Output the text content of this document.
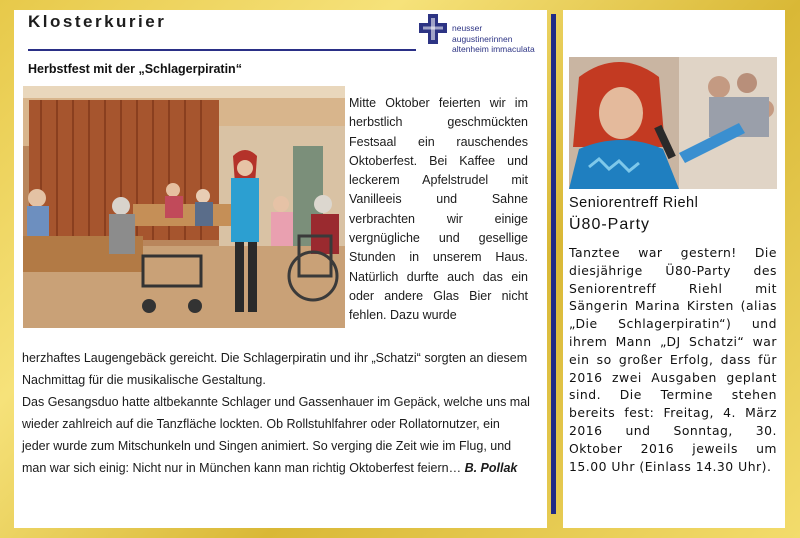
Klosterkurier	neusser
augustinerinnen
altenheim immaculata
Herbstfest mit der „Schlagerpiratin“

Mitte Oktober feierten wir im herbstlich geschmückten Festsaal ein rauschendes Oktoberfest. Bei Kaffee und leckerem Apfelstrudel mit Vanilleeis und Sahne verbrachten wir einige vergnügliche und gesellige Stunden in unserem Haus. Natürlich durfte auch das ein oder andere Glas Bier nicht fehlen. Dazu wurde

herzhaftes Laugengebäck gereicht. Die Schlagerpiratin und ihr „Schatzi“ sorgten an diesem Nachmittag für die musikalische Gestaltung.

Das Gesangsduo hatte altbekannte Schlager und Gassenhauer im Gepäck, welche uns mal wieder zahlreich auf die Tanzfläche lockten. Ob Rollstuhlfahrer oder Rollatornutzer, ein jeder wurde zum Mitschunkeln und Singen animiert. So verging die Zeit wie im Flug, und man war sich einig: Nicht nur in München kann man richtig Oktoberfest feiern… B. Pollak

Seniorentreff Riehl
Ü80-Party

Tanztee war gestern! Die diesjährige Ü80-Party des Seniorentreff Riehl mit Sängerin Marina Kirsten (alias „Die Schlagerpiratin“) und ihrem Mann „DJ Schatzi“ war ein so großer Erfolg, dass für 2016 zwei Ausgaben geplant sind. Die Termine stehen bereits fest: Freitag, 4. März 2016 und Sonntag, 30. Oktober 2016 jeweils um 15.00 Uhr (Einlass 14.30 Uhr).
